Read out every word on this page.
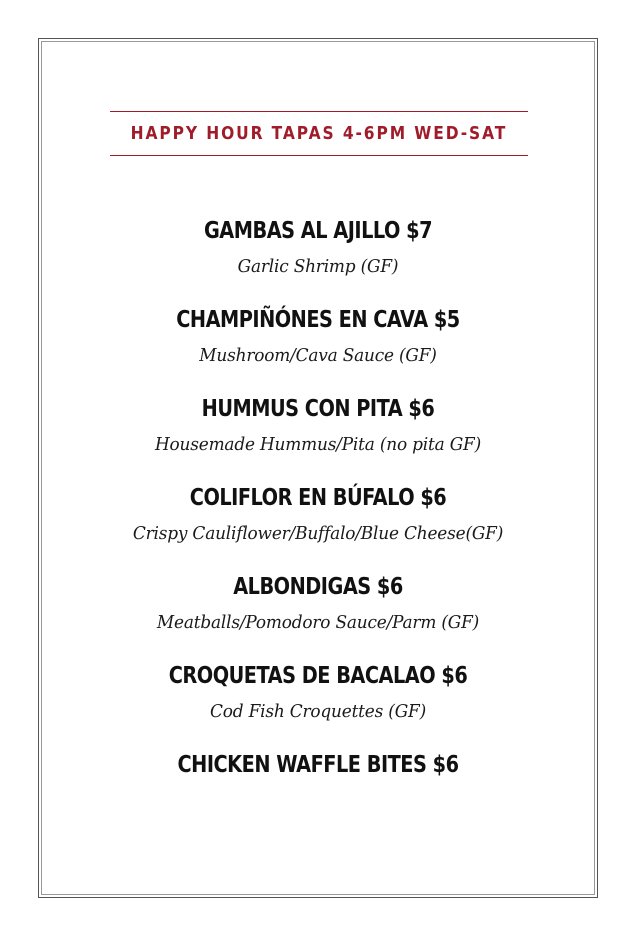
HAPPY HOUR TAPAS 4-6PM WED-SAT
GAMBAS AL AJILLO $7
Garlic Shrimp (GF)
CHAMPIÑÓNES EN CAVA $5
Mushroom/Cava Sauce (GF)
HUMMUS CON PITA $6
Housemade Hummus/Pita (no pita GF)
COLIFLOR EN BÚFALO $6
Crispy Cauliflower/Buffalo/Blue Cheese(GF)
ALBONDIGAS $6
Meatballs/Pomodoro Sauce/Parm (GF)
CROQUETAS DE BACALAO $6
Cod Fish Croquettes (GF)
CHICKEN WAFFLE BITES $6
